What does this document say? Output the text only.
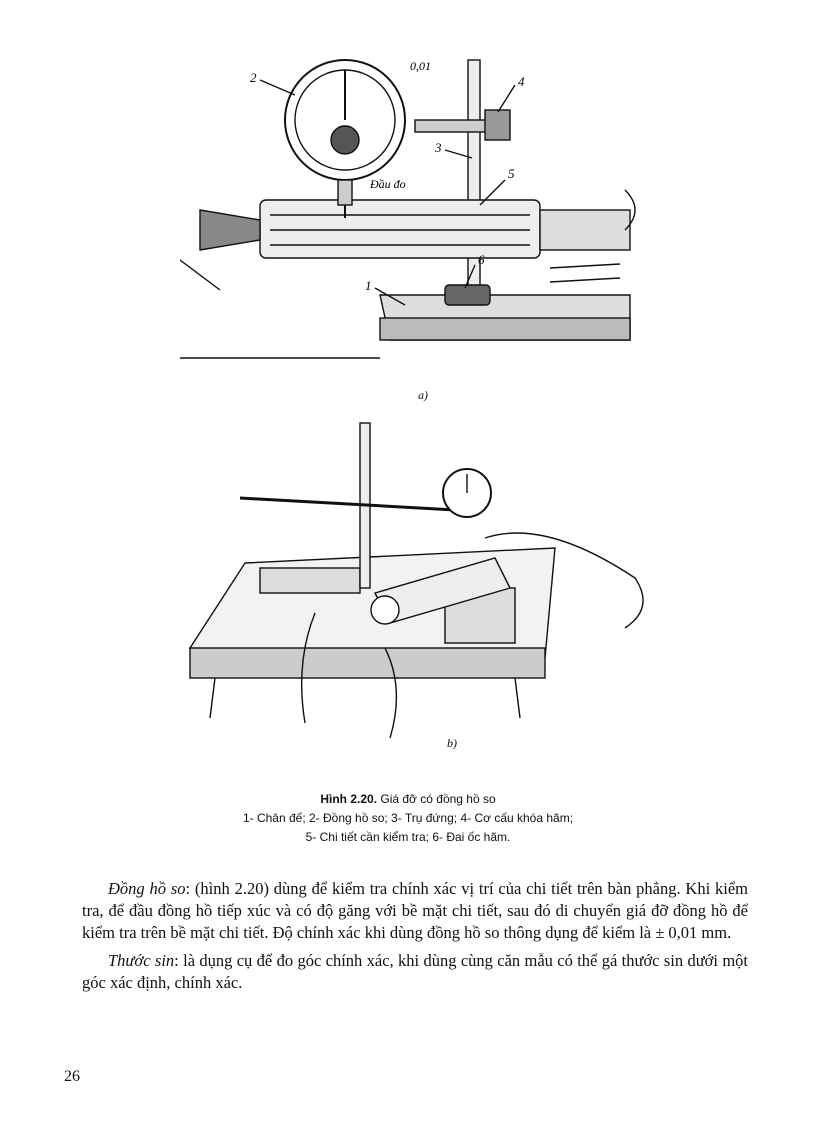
2
3
4
5
6
1
0,01
Đầu đo
a)
b)
Hình 2.20. Giá đỡ có đồng hồ so
1- Chân đế; 2- Đồng hồ so; 3- Trụ đứng; 4- Cơ cấu khóa hãm;
5- Chi tiết cần kiểm tra; 6- Đai ốc hãm.

Đồng hồ so: (hình 2.20) dùng để kiểm tra chính xác vị trí của chi tiết trên bàn phẳng. Khi kiểm tra, để đầu đồng hồ tiếp xúc và có độ găng với bề mặt chi tiết, sau đó di chuyển giá đỡ đồng hồ để kiểm tra trên bề mặt chi tiết. Độ chính xác khi dùng đồng hồ so thông dụng để kiểm là ± 0,01 mm.

Thước sin: là dụng cụ để đo góc chính xác, khi dùng cùng căn mẫu có thể gá thước sin dưới một góc xác định, chính xác.

26
